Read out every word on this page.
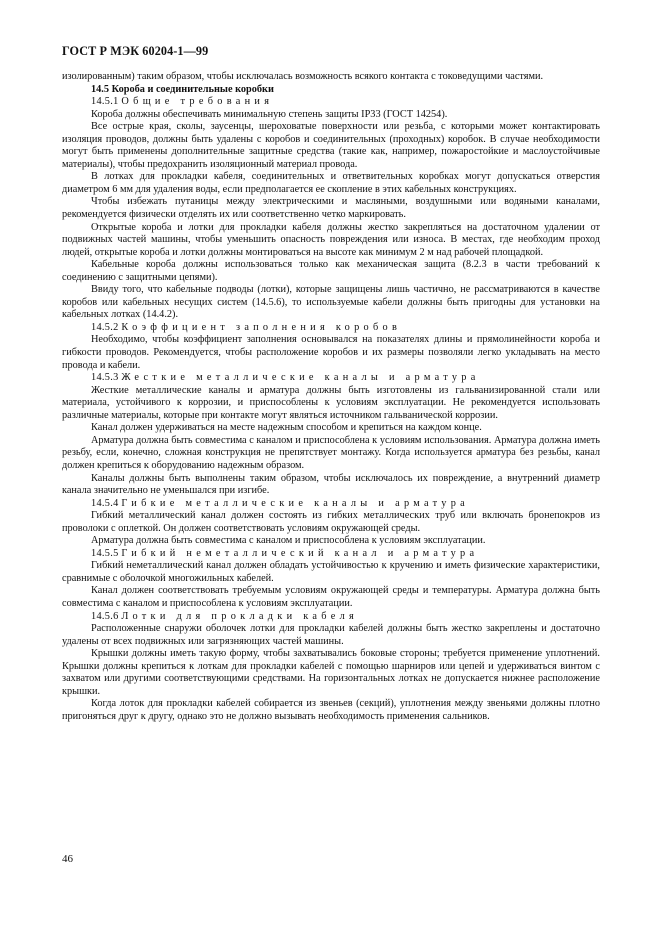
ГОСТ Р МЭК 60204-1—99
изолированным) таким образом, чтобы исключалась возможность всякого контакта с токоведущими частями.
14.5 Короба и соединительные коробки
14.5.1 Общие требования
Короба должны обеспечивать минимальную степень защиты IP33 (ГОСТ 14254).
Все острые края, сколы, заусенцы, шероховатые поверхности или резьба, с которыми может контактировать изоляция проводов, должны быть удалены с коробов и соединительных (проходных) коробок. В случае необходимости могут быть применены дополнительные защитные средства (такие как, например, пожаростойкие и маслоустойчивые материалы), чтобы предохранить изоляционный материал провода.
В лотках для прокладки кабеля, соединительных и ответвительных коробках могут допускаться отверстия диаметром 6 мм для удаления воды, если предполагается ее скопление в этих кабельных конструкциях.
Чтобы избежать путаницы между электрическими и масляными, воздушными или водяными каналами, рекомендуется физически отделять их или соответственно четко маркировать.
Открытые короба и лотки для прокладки кабеля должны жестко закрепляться на достаточном удалении от подвижных частей машины, чтобы уменьшить опасность повреждения или износа. В местах, где необходим проход людей, открытые короба и лотки должны монтироваться на высоте как минимум 2 м над рабочей площадкой.
Кабельные короба должны использоваться только как механическая защита (8.2.3 в части требований к соединению с защитными цепями).
Ввиду того, что кабельные подводы (лотки), которые защищены лишь частично, не рассматриваются в качестве коробов или кабельных несущих систем (14.5.6), то используемые кабели должны быть пригодны для установки на кабельных лотках (14.4.2).
14.5.2 Коэффициент заполнения коробов
Необходимо, чтобы коэффициент заполнения основывался на показателях длины и прямолинейности короба и гибкости проводов. Рекомендуется, чтобы расположение коробов и их размеры позволяли легко укладывать на место провода и кабели.
14.5.3 Жесткие металлические каналы и арматура
Жесткие металлические каналы и арматура должны быть изготовлены из гальванизированной стали или материала, устойчивого к коррозии, и приспособлены к условиям эксплуатации. Не рекомендуется использовать различные материалы, которые при контакте могут являться источником гальванической коррозии.
Канал должен удерживаться на месте надежным способом и крепиться на каждом конце.
Арматура должна быть совместима с каналом и приспособлена к условиям использования. Арматура должна иметь резьбу, если, конечно, сложная конструкция не препятствует монтажу. Когда используется арматура без резьбы, канал должен крепиться к оборудованию надежным образом.
Каналы должны быть выполнены таким образом, чтобы исключалось их повреждение, а внутренний диаметр канала значительно не уменьшался при изгибе.
14.5.4 Гибкие металлические каналы и арматура
Гибкий металлический канал должен состоять из гибких металлических труб или включать бронепокров из проволоки с оплеткой. Он должен соответствовать условиям окружающей среды.
Арматура должна быть совместима с каналом и приспособлена к условиям эксплуатации.
14.5.5 Гибкий неметаллический канал и арматура
Гибкий неметаллический канал должен обладать устойчивостью к кручению и иметь физические характеристики, сравнимые с оболочкой многожильных кабелей.
Канал должен соответствовать требуемым условиям окружающей среды и температуры. Арматура должна быть совместима с каналом и приспособлена к условиям эксплуатации.
14.5.6 Лотки для прокладки кабеля
Расположенные снаружи оболочек лотки для прокладки кабелей должны быть жестко закреплены и достаточно удалены от всех подвижных или загрязняющих частей машины.
Крышки должны иметь такую форму, чтобы захватывались боковые стороны; требуется применение уплотнений. Крышки должны крепиться к лоткам для прокладки кабелей с помощью шарниров или цепей и удерживаться винтом с захватом или другими соответствующими средствами. На горизонтальных лотках не допускается нижнее расположение крышки.
Когда лоток для прокладки кабелей собирается из звеньев (секций), уплотнения между звеньями должны плотно пригоняться друг к другу, однако это не должно вызывать необходимость применения сальников.
46
